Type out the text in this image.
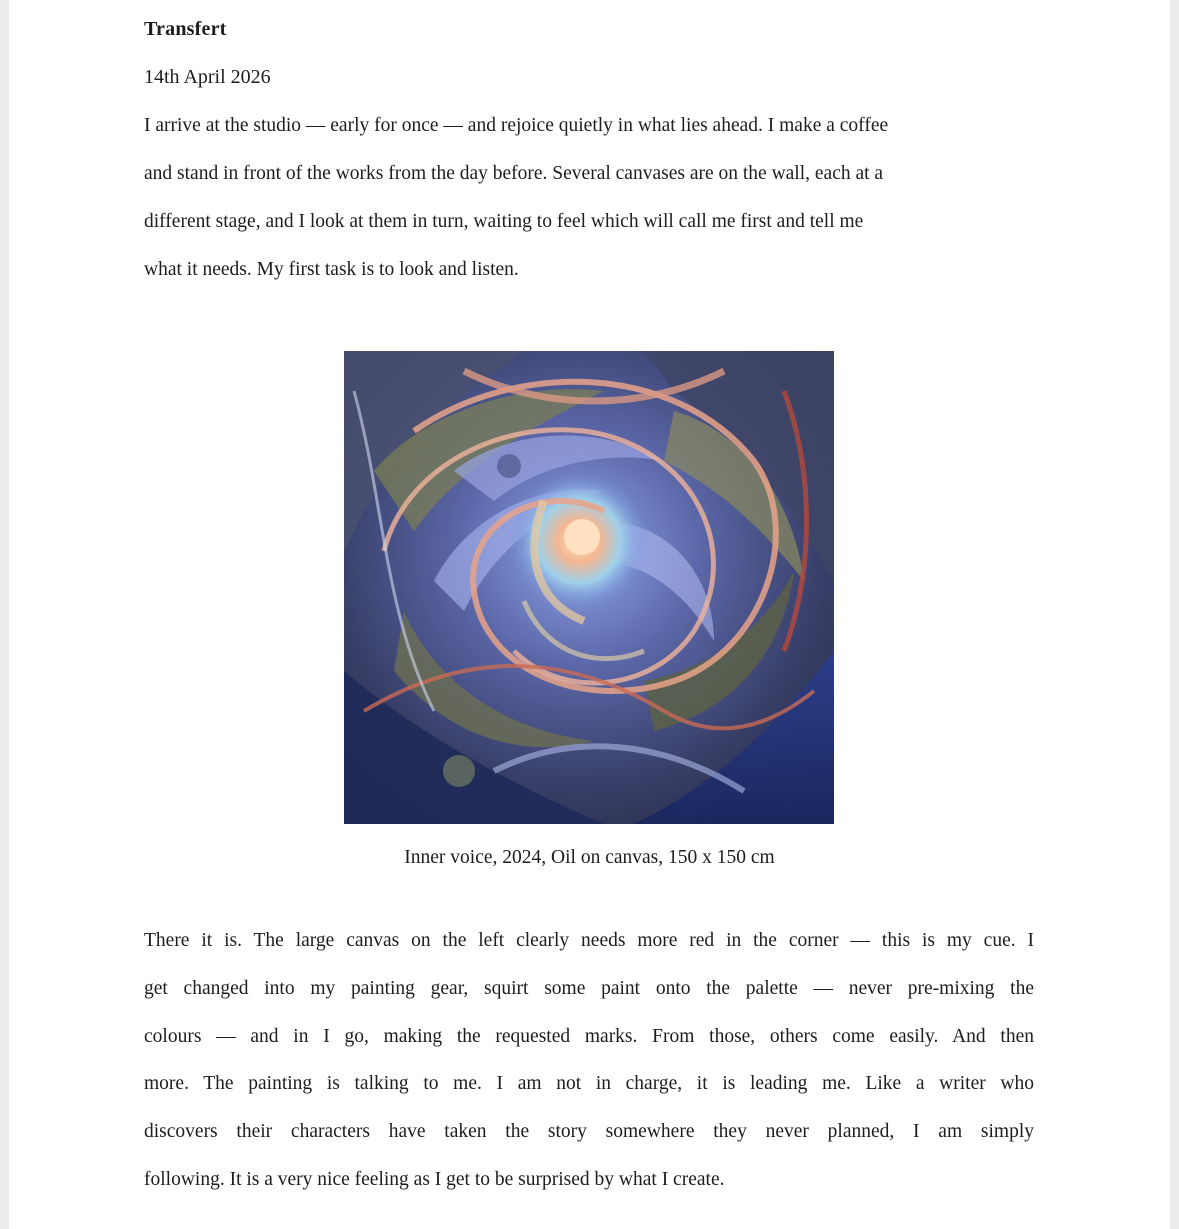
Transfert
14th April 2026
I arrive at the studio — early for once — and rejoice quietly in what lies ahead. I make a coffee
and stand in front of the works from the day before. Several canvases are on the wall, each at a
different stage, and I look at them in turn, waiting to feel which will call me first and tell me
what it needs. My first task is to look and listen.
There it is. The large canvas on the left clearly needs more red in the corner — this is my cue. I
get changed into my painting gear, squirt some paint onto the palette — never pre-mixing the
colours — and in I go, making the requested marks. From those, others come easily. And then
more. The painting is talking to me. I am not in charge, it is leading me. Like a writer who
discovers their characters have taken the story somewhere they never planned, I am simply
following. It is a very nice feeling as I get to be surprised by what I create.
Inner voice, 2024, Oil on canvas, 150 x 150 cm
